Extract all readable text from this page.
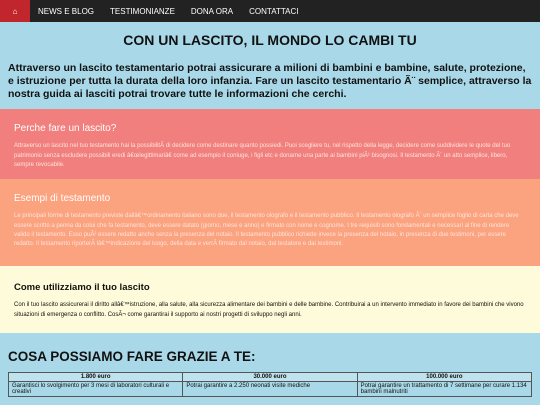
⌂	NEWS E BLOG	TESTIMONIANZE	DONA ORA	CONTATTACI
CON UN LASCITO, IL MONDO LO CAMBI TU

Attraverso un lascito testamentario potrai assicurare a milioni di bambini e bambine, salute, protezione, e istruzione per tutta la durata della loro infanzia. Fare un lascito testamentario Ã¨ semplice, attraverso la nostra guida ai lasciti potrai trovare tutte le informazioni che cerchi.

Perche fare un lascito?

Attraverso un lascito nel tuo testamento hai la possibilitÃ di decidere come destinare quanto possiedi. Puoi scegliere tu, nel rispetto della legge, decidere come suddividere le quote del tuo patrimonio senza escludere possibili eredi â€œlegittimariâ€ come ad esempio il coniuge, i figli etc e donarne una parte ai bambini piÃ¹ bisognosi. Il testamento Ã¨ un atto semplice, libero, sempre revocabile.

Esempi di testamento

Le principali forme di testamento previste dallâ€™ordinamento italiano sono due, il testamento olografo e il testamento pubblico. Il testamento olografo Ã¨ un semplice foglio di carta che deve essere scritto a penna da colui che fa testamento, deve essere datato (giorno, mese e anno) e firmato con nome e cognome. I tre requisiti sono fondamentali e necessari al fine di rendere valido il testamento. Esso puÃ² essere redatto anche senza la presenza del notaio. Il testamento pubblico richiede invece la presenza del notaio, in presenza di due testimoni, per essere redatto. Il testamento riporterÃ lâ€™indicazione del luogo, della data e verrÃ firmato dal notaio, dal testatore e dai testimoni.

Come utilizziamo il tuo lascito

Con il tuo lascito assicurerai il diritto allâ€™istruzione, alla salute, alla sicurezza alimentare dei bambini e delle bambine. Contribuirai a un intervento immediato in favore dei bambini che vivono situazioni di emergenza o conflitto. CosÃ¬ come garantirai il supporto ai nostri progetti di sviluppo negli anni.

COSA POSSIAMO FARE GRAZIE A TE:
1.800 euro	30.000 euro	100.000 euro
Garantisci lo svolgimento per 3 mesi di laboratori culturali e creativi	Potrai garantire a 2.250 neonati visite mediche	Potrai garantire un trattamento di 7 settimane per curare 1.134 bambini malnutriti
